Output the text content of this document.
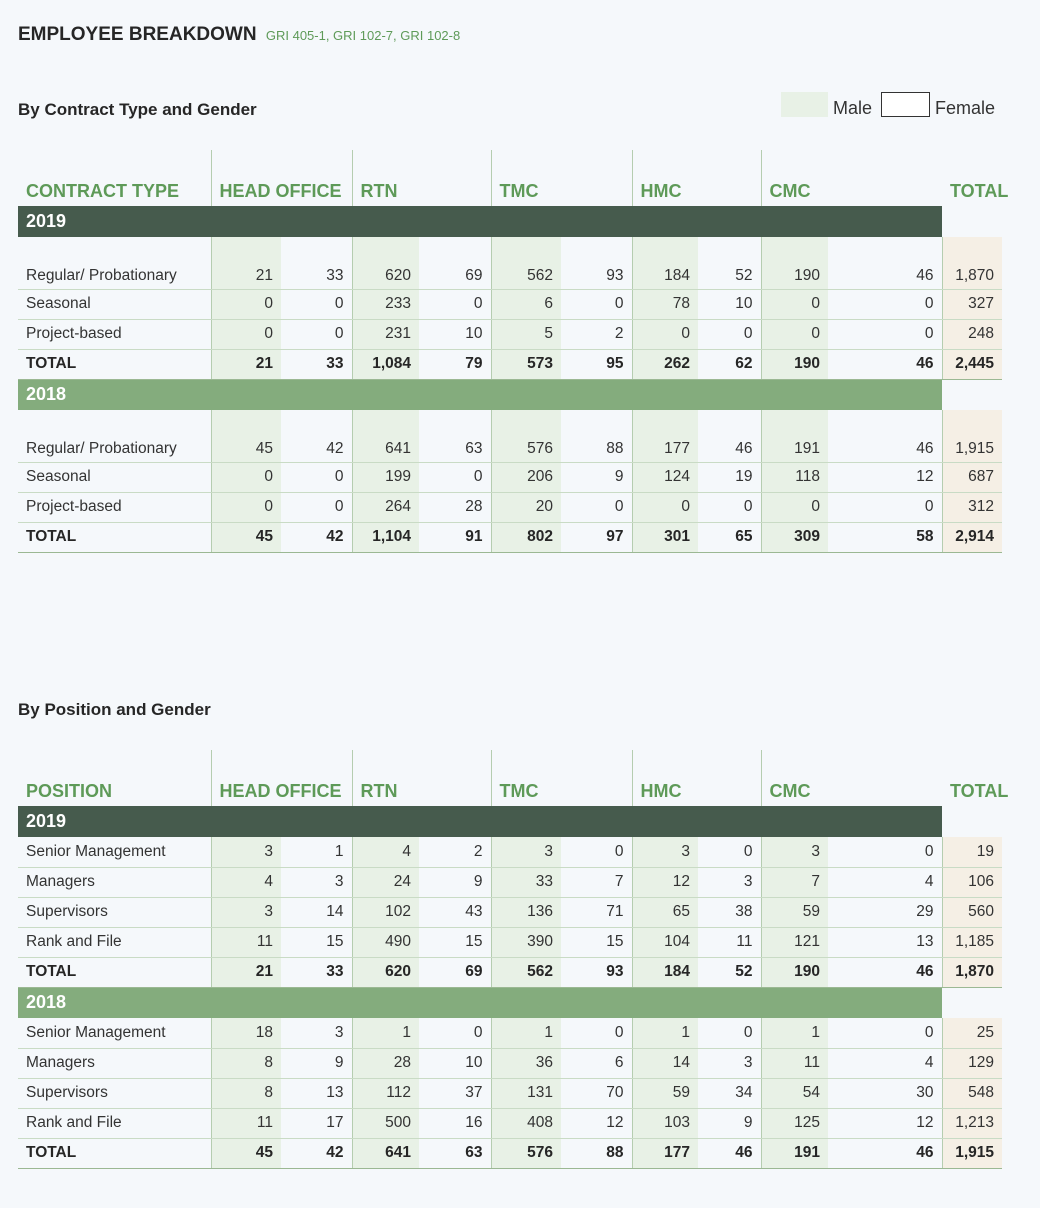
EMPLOYEE BREAKDOWN GRI 405-1, GRI 102-7, GRI 102-8
By Contract Type and Gender	Male	Female
CONTRACT TYPE	HEAD OFFICE		RTN		TMC		HMC		CMC		TOTAL
2019											
Regular/ Probationary	21	33	620	69	562	93	184	52	190	46	1,870
Seasonal	0	0	233	0	6	0	78	10	0	0	327
Project-based	0	0	231	10	5	2	0	0	0	0	248
TOTAL	21	33	1,084	79	573	95	262	62	190	46	2,445
2018											
Regular/ Probationary	45	42	641	63	576	88	177	46	191	46	1,915
Seasonal	0	0	199	0	206	9	124	19	118	12	687
Project-based	0	0	264	28	20	0	0	0	0	0	312
TOTAL	45	42	1,104	91	802	97	301	65	309	58	2,914
By Position and Gender
POSITION	HEAD OFFICE		RTN		TMC		HMC		CMC		TOTAL
2019											
Senior Management	3	1	4	2	3	0	3	0	3	0	19
Managers	4	3	24	9	33	7	12	3	7	4	106
Supervisors	3	14	102	43	136	71	65	38	59	29	560
Rank and File	11	15	490	15	390	15	104	11	121	13	1,185
TOTAL	21	33	620	69	562	93	184	52	190	46	1,870
2018											
Senior Management	18	3	1	0	1	0	1	0	1	0	25
Managers	8	9	28	10	36	6	14	3	11	4	129
Supervisors	8	13	112	37	131	70	59	34	54	30	548
Rank and File	11	17	500	16	408	12	103	9	125	12	1,213
TOTAL	45	42	641	63	576	88	177	46	191	46	1,915
